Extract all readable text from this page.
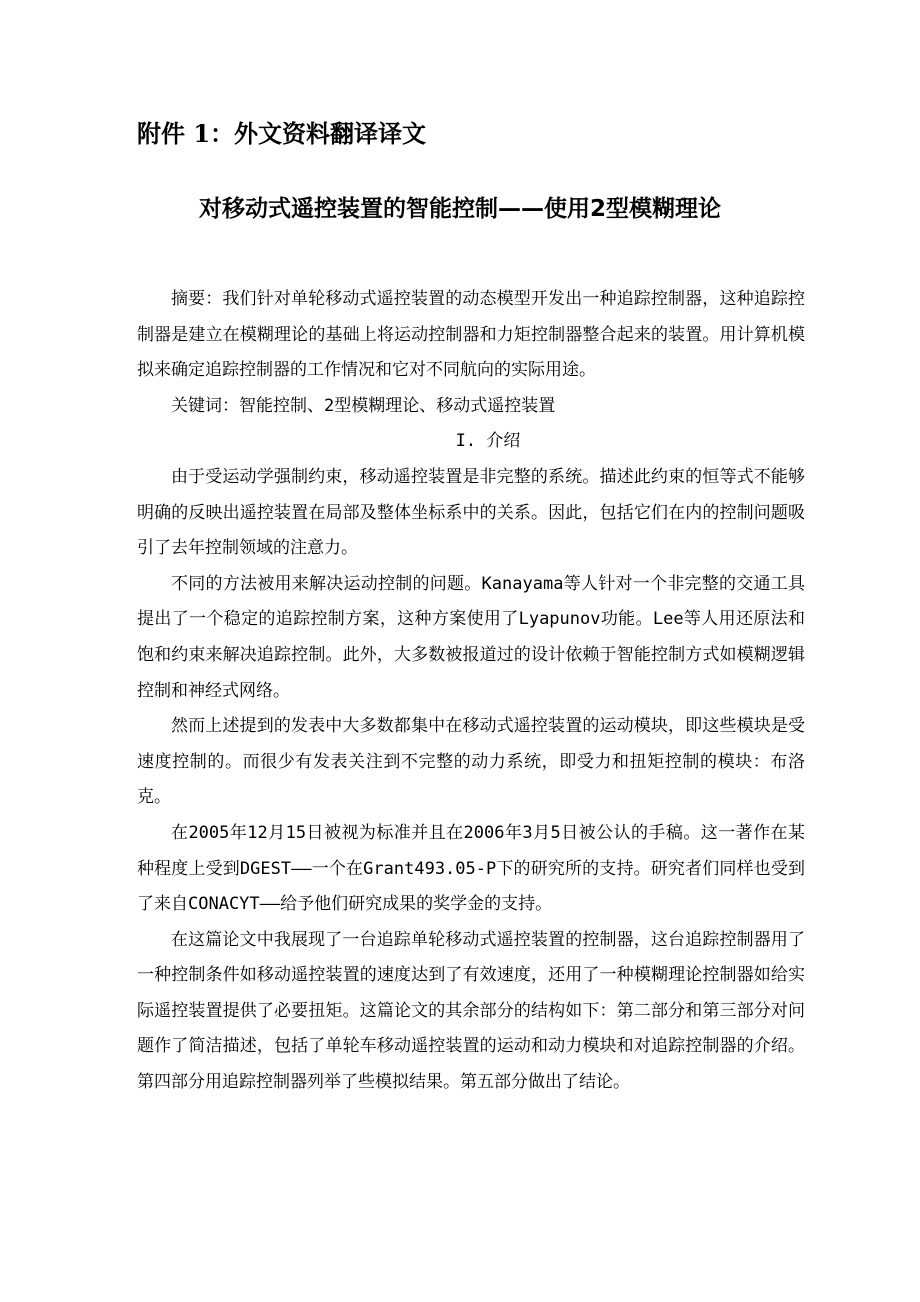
附件 1：外文资料翻译译文
对移动式遥控装置的智能控制——使用2型模糊理论

摘要：我们针对单轮移动式遥控装置的动态模型开发出一种追踪控制器，这种追踪控制器是建立在模糊理论的基础上将运动控制器和力矩控制器整合起来的装置。用计算机模拟来确定追踪控制器的工作情况和它对不同航向的实际用途。

关键词：智能控制、2型模糊理论、移动式遥控装置

I. 介绍

由于受运动学强制约束，移动遥控装置是非完整的系统。描述此约束的恒等式不能够明确的反映出遥控装置在局部及整体坐标系中的关系。因此，包括它们在内的控制问题吸引了去年控制领域的注意力。

不同的方法被用来解决运动控制的问题。Kanayama等人针对一个非完整的交通工具提出了一个稳定的追踪控制方案，这种方案使用了Lyapunov功能。Lee等人用还原法和饱和约束来解决追踪控制。此外，大多数被报道过的设计依赖于智能控制方式如模糊逻辑控制和神经式网络。

然而上述提到的发表中大多数都集中在移动式遥控装置的运动模块，即这些模块是受速度控制的。而很少有发表关注到不完整的动力系统，即受力和扭矩控制的模块：布洛克。

在2005年12月15日被视为标准并且在2006年3月5日被公认的手稿。这一著作在某种程度上受到DGEST——一个在Grant493.05-P下的研究所的支持。研究者们同样也受到了来自CONACYT——给予他们研究成果的奖学金的支持。

在这篇论文中我展现了一台追踪单轮移动式遥控装置的控制器，这台追踪控制器用了一种控制条件如移动遥控装置的速度达到了有效速度，还用了一种模糊理论控制器如给实际遥控装置提供了必要扭矩。这篇论文的其余部分的结构如下：第二部分和第三部分对问题作了简洁描述，包括了单轮车移动遥控装置的运动和动力模块和对追踪控制器的介绍。第四部分用追踪控制器列举了些模拟结果。第五部分做出了结论。
